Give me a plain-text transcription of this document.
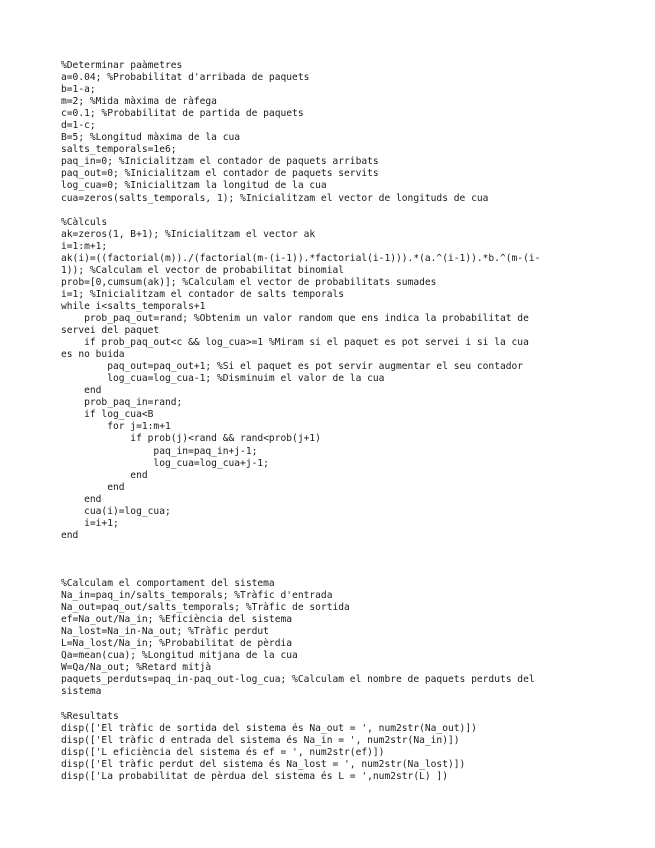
%Determinar paàmetres
a=0.04; %Probabilitat d'arribada de paquets
b=1-a;
m=2; %Mida màxima de ràfega
c=0.1; %Probabilitat de partida de paquets
d=1-c;
B=5; %Longitud màxima de la cua
salts_temporals=1e6;
paq_in=0; %Inicialitzam el contador de paquets arribats
paq_out=0; %Inicialitzam el contador de paquets servits
log_cua=0; %Inicialitzam la longitud de la cua
cua=zeros(salts_temporals, 1); %Inicialitzam el vector de longituds de cua
%Càlculs
ak=zeros(1, B+1); %Inicialitzam el vector ak
i=1:m+1;
ak(i)=((factorial(m))./(factorial(m-(i-1)).*factorial(i-1))).*(a.^(i-1)).*b.^(m-(i-
1)); %Calculam el vector de probabilitat binomial
prob=[0,cumsum(ak)]; %Calculam el vector de probabilitats sumades
i=1; %Inicialitzam el contador de salts temporals
while i<salts_temporals+1
prob_paq_out=rand; %Obtenim un valor random que ens indica la probabilitat de
servei del paquet
if prob_paq_out<c && log_cua>=1 %Miram si el paquet es pot servei i si la cua
es no buida
paq_out=paq_out+1; %Si el paquet es pot servir augmentar el seu contador
log_cua=log_cua-1; %Disminuim el valor de la cua
end
prob_paq_in=rand;
if log_cua<B
for j=1:m+1
if prob(j)<rand && rand<prob(j+1)
paq_in=paq_in+j-1;
log_cua=log_cua+j-1;
end
end
end
cua(i)=log_cua;
i=i+1;
end
%Calculam el comportament del sistema
Na_in=paq_in/salts_temporals; %Tràfic d'entrada
Na_out=paq_out/salts_temporals; %Tràfic de sortida
ef=Na_out/Na_in; %Eficiència del sistema
Na_lost=Na_in-Na_out; %Tràfic perdut
L=Na_lost/Na_in; %Probabilitat de pèrdia
Qa=mean(cua); %Longitud mitjana de la cua
W=Qa/Na_out; %Retard mitjà
paquets_perduts=paq_in-paq_out-log_cua; %Calculam el nombre de paquets perduts del
sistema
%Resultats
disp(['El tràfic de sortida del sistema és Na_out = ', num2str(Na_out)])
disp(['El tràfic d entrada del sistema és Na_in = ', num2str(Na_in)])
disp(['L eficiència del sistema és ef = ', num2str(ef)])
disp(['El tràfic perdut del sistema és Na_lost = ', num2str(Na_lost)])
disp(['La probabilitat de pèrdua del sistema és L = ',num2str(L) ])
